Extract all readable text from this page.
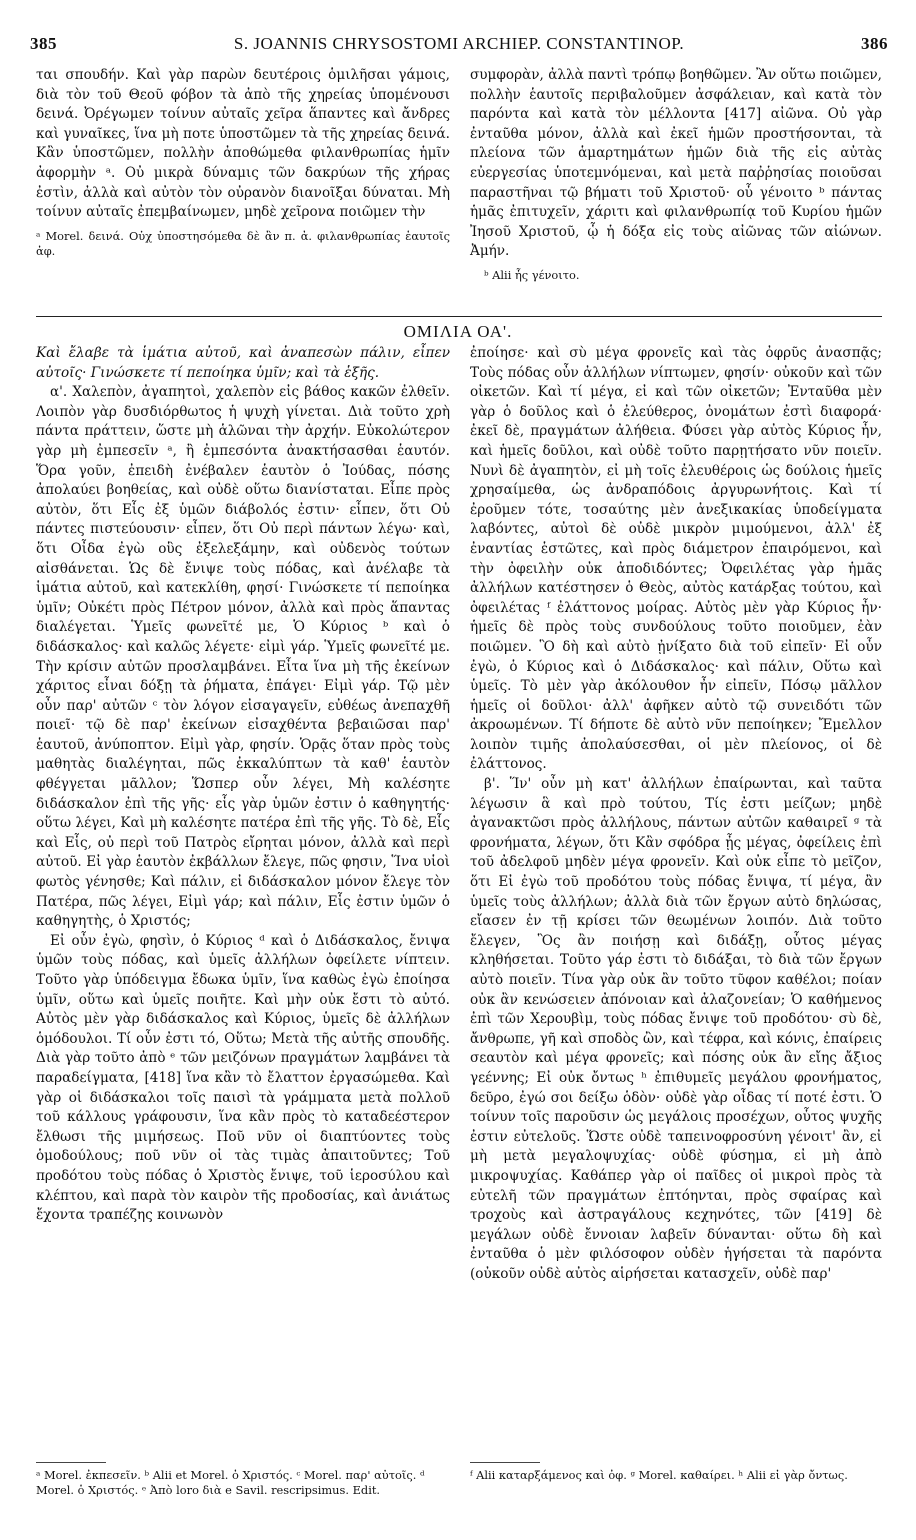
385	S. JOANNIS CHRYSOSTOMI ARCHIEP. CONSTANTINOP.	386

ται σπουδήν. Καὶ γὰρ παρὼν δευτέροις ὁμιλῆσαι γάμοις, διὰ τὸν τοῦ Θεοῦ φόβον τὰ ἀπὸ τῆς χηρείας ὑπομένουσι δεινά. Ὀρέγωμεν τοίνυν αὐταῖς χεῖρα ἅπαντες καὶ ἄνδρες καὶ γυναῖκες, ἵνα μὴ ποτε ὑποστῶμεν τὰ τῆς χηρείας δεινά. Κἂν ὑποστῶμεν, πολλὴν ἀποθώμεθα φιλανθρωπίας ἡμῖν ἀφορμὴν ᵃ. Οὐ μικρὰ δύναμις τῶν δακρύων τῆς χήρας ἐστὶν, ἀλλὰ καὶ αὐτὸν τὸν οὐρανὸν διανοῖξαι δύναται. Μὴ τοίνυν αὐταῖς ἐπεμβαίνωμεν, μηδὲ χεῖρονα ποιῶμεν τὴν

ᵃ Morel. δεινά. Οὐχ ὑποστησόμεθα δὲ ἂν π. ἀ. φιλανθρωπίας ἑαυτοῖς ἀφ.

συμφορὰν, ἀλλὰ παντὶ τρόπῳ βοηθῶμεν. Ἂν οὕτω ποιῶμεν, πολλὴν ἑαυτοῖς περιβαλοῦμεν ἀσφάλειαν, καὶ κατὰ τὸν παρόντα καὶ κατὰ τὸν μέλλοντα [417] αἰῶνα. Οὐ γὰρ ἐνταῦθα μόνον, ἀλλὰ καὶ ἐκεῖ ἡμῶν προστήσονται, τὰ πλείονα τῶν ἁμαρτημάτων ἡμῶν διὰ τῆς εἰς αὐτὰς εὐεργεσίας ὑποτεμνόμεναι, καὶ μετὰ παῤῥησίας ποιοῦσαι παραστῆναι τῷ βήματι τοῦ Χριστοῦ· οὗ γένοιτο ᵇ πάντας ἡμᾶς ἐπιτυχεῖν, χάριτι καὶ φιλανθρωπίᾳ τοῦ Κυρίου ἡμῶν Ἰησοῦ Χριστοῦ, ᾧ ἡ δόξα εἰς τοὺς αἰῶνας τῶν αἰώνων. Ἀμήν.

ᵇ Alii ἧς γένοιτο.
ΟΜΙΛΙΑ ΟΑ'.

Καὶ ἔλαβε τὰ ἱμάτια αὐτοῦ, καὶ ἀναπεσὼν πάλιν, εἶπεν αὐτοῖς· Γινώσκετε τί πεποίηκα ὑμῖν; καὶ τὰ ἑξῆς.

α'. Χαλεπὸν, ἀγαπητοὶ, χαλεπὸν εἰς βάθος κακῶν ἐλθεῖν. Λοιπὸν γὰρ δυσδιόρθωτος ἡ ψυχὴ γίνεται. Διὰ τοῦτο χρὴ πάντα πράττειν, ὥστε μὴ ἁλῶναι τὴν ἀρχήν. Εὐκολώτερον γὰρ μὴ ἐμπεσεῖν ᵃ, ἢ ἐμπεσόντα ἀνακτήσασθαι ἑαυτόν. Ὅρα γοῦν, ἐπειδὴ ἐνέβαλεν ἑαυτὸν ὁ Ἰούδας, πόσης ἀπολαύει βοηθείας, καὶ οὐδὲ οὕτω διανίσταται. Εἶπε πρὸς αὐτὸν, ὅτι Εἷς ἐξ ὑμῶν διάβολός ἐστιν· εἶπεν, ὅτι Οὐ πάντες πιστεύουσιν· εἶπεν, ὅτι Οὐ περὶ πάντων λέγω· καὶ, ὅτι Οἶδα ἐγὼ οὓς ἐξελεξάμην, καὶ οὐδενὸς τούτων αἰσθάνεται. Ὡς δὲ ἔνιψε τοὺς πόδας, καὶ ἀνέλαβε τὰ ἱμάτια αὐτοῦ, καὶ κατεκλίθη, φησί· Γινώσκετε τί πεποίηκα ὑμῖν; Οὐκέτι πρὸς Πέτρον μόνον, ἀλλὰ καὶ πρὸς ἅπαντας διαλέγεται. Ὑμεῖς φωνεῖτέ με, Ὁ Κύριος ᵇ καὶ ὁ διδάσκαλος· καὶ καλῶς λέγετε· εἰμὶ γάρ. Ὑμεῖς φωνεῖτέ με. Τὴν κρίσιν αὐτῶν προσλαμβάνει. Εἶτα ἵνα μὴ τῆς ἐκείνων χάριτος εἶναι δόξῃ τὰ ῥήματα, ἐπάγει· Εἰμὶ γάρ. Τῷ μὲν οὖν παρ' αὐτῶν ᶜ τὸν λόγον εἰσαγαγεῖν, εὐθέως ἀνεπαχθῆ ποιεῖ· τῷ δὲ παρ' ἐκείνων εἰσαχθέντα βεβαιῶσαι παρ' ἑαυτοῦ, ἀνύποπτον. Εἰμὶ γὰρ, φησίν. Ὁρᾷς ὅταν πρὸς τοὺς μαθητὰς διαλέγηται, πῶς ἐκκαλύπτων τὰ καθ' ἑαυτὸν φθέγγεται μᾶλλον; Ὥσπερ οὖν λέγει, Μὴ καλέσητε διδάσκαλον ἐπὶ τῆς γῆς· εἷς γὰρ ὑμῶν ἐστιν ὁ καθηγητής· οὕτω λέγει, Καὶ μὴ καλέσητε πατέρα ἐπὶ τῆς γῆς. Τὸ δὲ, Εἷς καὶ Εἷς, οὐ περὶ τοῦ Πατρὸς εἴρηται μόνον, ἀλλὰ καὶ περὶ αὐτοῦ. Εἰ γὰρ ἑαυτὸν ἐκβάλλων ἔλεγε, πῶς φησιν, Ἵνα υἱοὶ φωτὸς γένησθε; Καὶ πάλιν, εἰ διδάσκαλον μόνον ἔλεγε τὸν Πατέρα, πῶς λέγει, Εἰμὶ γάρ; καὶ πάλιν, Εἷς ἐστιν ὑμῶν ὁ καθηγητὴς, ὁ Χριστός;

Εἰ οὖν ἐγὼ, φησὶν, ὁ Κύριος ᵈ καὶ ὁ Διδάσκαλος, ἔνιψα ὑμῶν τοὺς πόδας, καὶ ὑμεῖς ἀλλήλων ὀφείλετε νίπτειν. Τοῦτο γὰρ ὑπόδειγμα ἔδωκα ὑμῖν, ἵνα καθὼς ἐγὼ ἐποίησα ὑμῖν, οὕτω καὶ ὑμεῖς ποιῆτε. Καὶ μὴν οὐκ ἔστι τὸ αὐτό. Αὐτὸς μὲν γὰρ διδάσκαλος καὶ Κύριος, ὑμεῖς δὲ ἀλλήλων ὁμόδουλοι. Τί οὖν ἐστι τό, Οὕτω; Μετὰ τῆς αὐτῆς σπουδῆς. Διὰ γὰρ τοῦτο ἀπὸ ᵉ τῶν μειζόνων πραγμάτων λαμβάνει τὰ παραδείγματα, [418] ἵνα κἂν τὸ ἔλαττον ἐργασώμεθα. Καὶ γὰρ οἱ διδάσκαλοι τοῖς παισὶ τὰ γράμματα μετὰ πολλοῦ τοῦ κάλλους γράφουσιν, ἵνα κἂν πρὸς τὸ καταδεέστερον ἔλθωσι τῆς μιμήσεως. Ποῦ νῦν οἱ διαπτύοντες τοὺς ὁμοδούλους; ποῦ νῦν οἱ τὰς τιμὰς ἀπαιτοῦντες; Τοῦ προδότου τοὺς πόδας ὁ Χριστὸς ἔνιψε, τοῦ ἱεροσύλου καὶ κλέπτου, καὶ παρὰ τὸν καιρὸν τῆς προδοσίας, καὶ ἀνιάτως ἔχοντα τραπέζης κοινωνὸν

ἐποίησε· καὶ σὺ μέγα φρονεῖς καὶ τὰς ὀφρῦς ἀνασπᾷς; Τοὺς πόδας οὖν ἀλλήλων νίπτωμεν, φησίν· οὐκοῦν καὶ τῶν οἰκετῶν. Καὶ τί μέγα, εἰ καὶ τῶν οἰκετῶν; Ἐνταῦθα μὲν γὰρ ὁ δοῦλος καὶ ὁ ἐλεύθερος, ὀνομάτων ἐστὶ διαφορά· ἐκεῖ δὲ, πραγμάτων ἀλήθεια. Φύσει γὰρ αὐτὸς Κύριος ἦν, καὶ ἡμεῖς δοῦλοι, καὶ οὐδὲ τοῦτο παρῃτήσατο νῦν ποιεῖν. Νυνὶ δὲ ἀγαπητὸν, εἰ μὴ τοῖς ἐλευθέροις ὡς δούλοις ἡμεῖς χρησαίμεθα, ὡς ἀνδραπόδοις ἀργυρωνήτοις. Καὶ τί ἐροῦμεν τότε, τοσαύτης μὲν ἀνεξικακίας ὑποδείγματα λαβόντες, αὐτοὶ δὲ οὐδὲ μικρὸν μιμούμενοι, ἀλλ' ἐξ ἐναντίας ἑστῶτες, καὶ πρὸς διάμετρον ἐπαιρόμενοι, καὶ τὴν ὀφειλὴν οὐκ ἀποδιδόντες; Ὀφειλέτας γὰρ ἡμᾶς ἀλλήλων κατέστησεν ὁ Θεὸς, αὐτὸς κατάρξας τούτου, καὶ ὀφειλέτας ᶠ ἐλάττονος μοίρας. Αὐτὸς μὲν γὰρ Κύριος ἦν· ἡμεῖς δὲ πρὸς τοὺς συνδούλους τοῦτο ποιοῦμεν, ἐὰν ποιῶμεν. Ὃ δὴ καὶ αὐτὸ ᾐνίξατο διὰ τοῦ εἰπεῖν· Εἰ οὖν ἐγὼ, ὁ Κύριος καὶ ὁ Διδάσκαλος· καὶ πάλιν, Οὕτω καὶ ὑμεῖς. Τὸ μὲν γὰρ ἀκόλουθον ἦν εἰπεῖν, Πόσῳ μᾶλλον ἡμεῖς οἱ δοῦλοι· ἀλλ' ἀφῆκεν αὐτὸ τῷ συνειδότι τῶν ἀκροωμένων. Τί δήποτε δὲ αὐτὸ νῦν πεποίηκεν; Ἔμελλον λοιπὸν τιμῆς ἀπολαύσεσθαι, οἱ μὲν πλείονος, οἱ δὲ ἐλάττονος.

β'. Ἵν' οὖν μὴ κατ' ἀλλήλων ἐπαίρωνται, καὶ ταῦτα λέγωσιν ἃ καὶ πρὸ τούτου, Τίς ἐστι μείζων; μηδὲ ἀγανακτῶσι πρὸς ἀλλήλους, πάντων αὐτῶν καθαιρεῖ ᵍ τὰ φρονήματα, λέγων, ὅτι Κἂν σφόδρα ᾖς μέγας, ὀφείλεις ἐπὶ τοῦ ἀδελφοῦ μηδὲν μέγα φρονεῖν. Καὶ οὐκ εἶπε τὸ μεῖζον, ὅτι Εἰ ἐγὼ τοῦ προδότου τοὺς πόδας ἔνιψα, τί μέγα, ἂν ὑμεῖς τοὺς ἀλλήλων; ἀλλὰ διὰ τῶν ἔργων αὐτὸ δηλώσας, εἴασεν ἐν τῇ κρίσει τῶν θεωμένων λοιπόν. Διὰ τοῦτο ἔλεγεν, Ὃς ἂν ποιήσῃ καὶ διδάξῃ, οὗτος μέγας κληθήσεται. Τοῦτο γάρ ἐστι τὸ διδάξαι, τὸ διὰ τῶν ἔργων αὐτὸ ποιεῖν. Τίνα γὰρ οὐκ ἂν τοῦτο τῦφον καθέλοι; ποίαν οὐκ ἂν κενώσειεν ἀπόνοιαν καὶ ἀλαζονείαν; Ὁ καθήμενος ἐπὶ τῶν Χερουβὶμ, τοὺς πόδας ἔνιψε τοῦ προδότου· σὺ δὲ, ἄνθρωπε, γῆ καὶ σποδὸς ὢν, καὶ τέφρα, καὶ κόνις, ἐπαίρεις σεαυτὸν καὶ μέγα φρονεῖς; καὶ πόσης οὐκ ἂν εἴης ἄξιος γεέννης; Εἰ οὐκ ὄντως ʰ ἐπιθυμεῖς μεγάλου φρονήματος, δεῦρο, ἐγώ σοι δείξω ὁδὸν· οὐδὲ γὰρ οἶδας τί ποτέ ἐστι. Ὁ τοίνυν τοῖς παροῦσιν ὡς μεγάλοις προσέχων, οὗτος ψυχῆς ἐστιν εὐτελοῦς. Ὥστε οὐδὲ ταπεινοφροσύνη γένοιτ' ἂν, εἰ μὴ μετὰ μεγαλοψυχίας· οὐδὲ φύσημα, εἰ μὴ ἀπὸ μικροψυχίας. Καθάπερ γὰρ οἱ παῖδες οἱ μικροὶ πρὸς τὰ εὐτελῆ τῶν πραγμάτων ἐπτόηνται, πρὸς σφαίρας καὶ τροχοὺς καὶ ἀστραγάλους κεχηνότες, τῶν [419] δὲ μεγάλων οὐδὲ ἔννοιαν λαβεῖν δύνανται· οὕτω δὴ καὶ ἐνταῦθα ὁ μὲν φιλόσοφον οὐδὲν ἡγήσεται τὰ παρόντα (οὐκοῦν οὐδὲ αὐτὸς αἱρήσεται κατασχεῖν, οὐδὲ παρ'

ᵃ Morel. ἐκπεσεῖν. ᵇ Alii et Morel. ὁ Χριστός. ᶜ Morel. παρ' αὐτοῖς. ᵈ Morel. ὁ Χριστός. ᵉ Ἀπὸ loro διὰ e Savil. rescripsimus. Edit.
ᶠ Alii καταρξάμενος καὶ ὀφ. ᵍ Morel. καθαίρει. ʰ Alii εἰ γὰρ ὄντως.
